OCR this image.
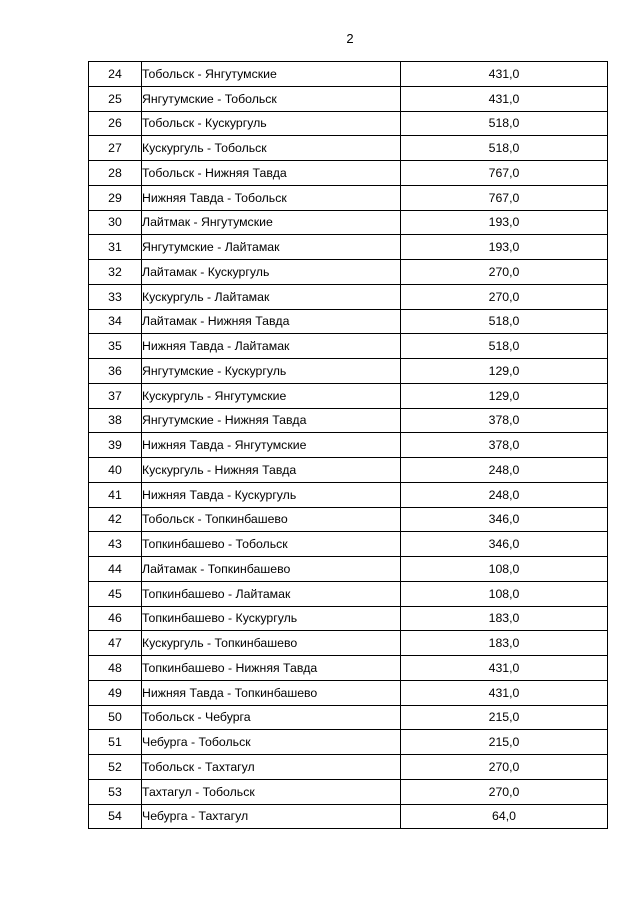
2
24	Тобольск - Янгутумские	431,0
25	Янгутумские - Тобольск	431,0
26	Тобольск - Кускургуль	518,0
27	Кускургуль - Тобольск	518,0
28	Тобольск - Нижняя Тавда	767,0
29	Нижняя Тавда - Тобольск	767,0
30	Лайтмак - Янгутумские	193,0
31	Янгутумские - Лайтамак	193,0
32	Лайтамак - Кускургуль	270,0
33	Кускургуль - Лайтамак	270,0
34	Лайтамак - Нижняя Тавда	518,0
35	Нижняя Тавда - Лайтамак	518,0
36	Янгутумские - Кускургуль	129,0
37	Кускургуль - Янгутумские	129,0
38	Янгутумские - Нижняя Тавда	378,0
39	Нижняя Тавда - Янгутумские	378,0
40	Кускургуль - Нижняя Тавда	248,0
41	Нижняя Тавда - Кускургуль	248,0
42	Тобольск - Топкинбашево	346,0
43	Топкинбашево - Тобольск	346,0
44	Лайтамак - Топкинбашево	108,0
45	Топкинбашево - Лайтамак	108,0
46	Топкинбашево - Кускургуль	183,0
47	Кускургуль - Топкинбашево	183,0
48	Топкинбашево - Нижняя Тавда	431,0
49	Нижняя Тавда - Топкинбашево	431,0
50	Тобольск - Чебурга	215,0
51	Чебурга - Тобольск	215,0
52	Тобольск - Тахтагул	270,0
53	Тахтагул - Тобольск	270,0
54	Чебурга - Тахтагул	64,0
